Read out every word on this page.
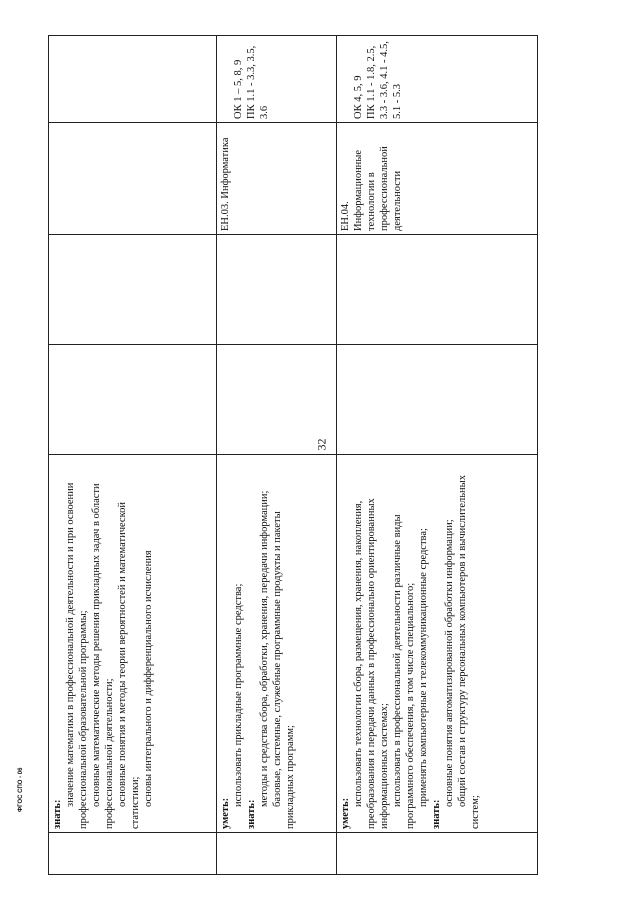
знать:

значение математики в профессиональной деятельности и при освоении профессиональной образовательной программы; основные математические методы решения прикладных задач в области профессиональной деятельности; основные понятия и методы теории вероятностей и математической статистики; основы интегрального и дифференциального исчисления

уметь:

использовать прикладные программные средства;

знать:

методы и средства сбора, обработки, хранения, передачи информации; базовые, системные, служебные программные продукты и пакеты прикладных программ;

ЕН.03. Информатика

ОК 1 – 5, 8, 9
ПК 1.1 - 3.3, 3.5, 3.6

уметь:

использовать технологии сбора, размещения, хранения, накопления, преобразования и передачи данных в профессионально ориентированных информационных системах; использовать в профессиональной деятельности различные виды программного обеспечения, в том числе специального; применять компьютерные и телекоммуникационные средства;

знать:

основные понятия автоматизированной обработки информации; общий состав и структуру персональных компьютеров и вычислительных систем;

ЕН.04. Информационные технологии в профессиональной деятельности

ОК 4, 5, 9
ПК 1.1 - 1.8, 2.5, 3.3 - 3.6, 4.1 - 4.5, 5.1 - 5.3

32
ФГОС СПО - 06
